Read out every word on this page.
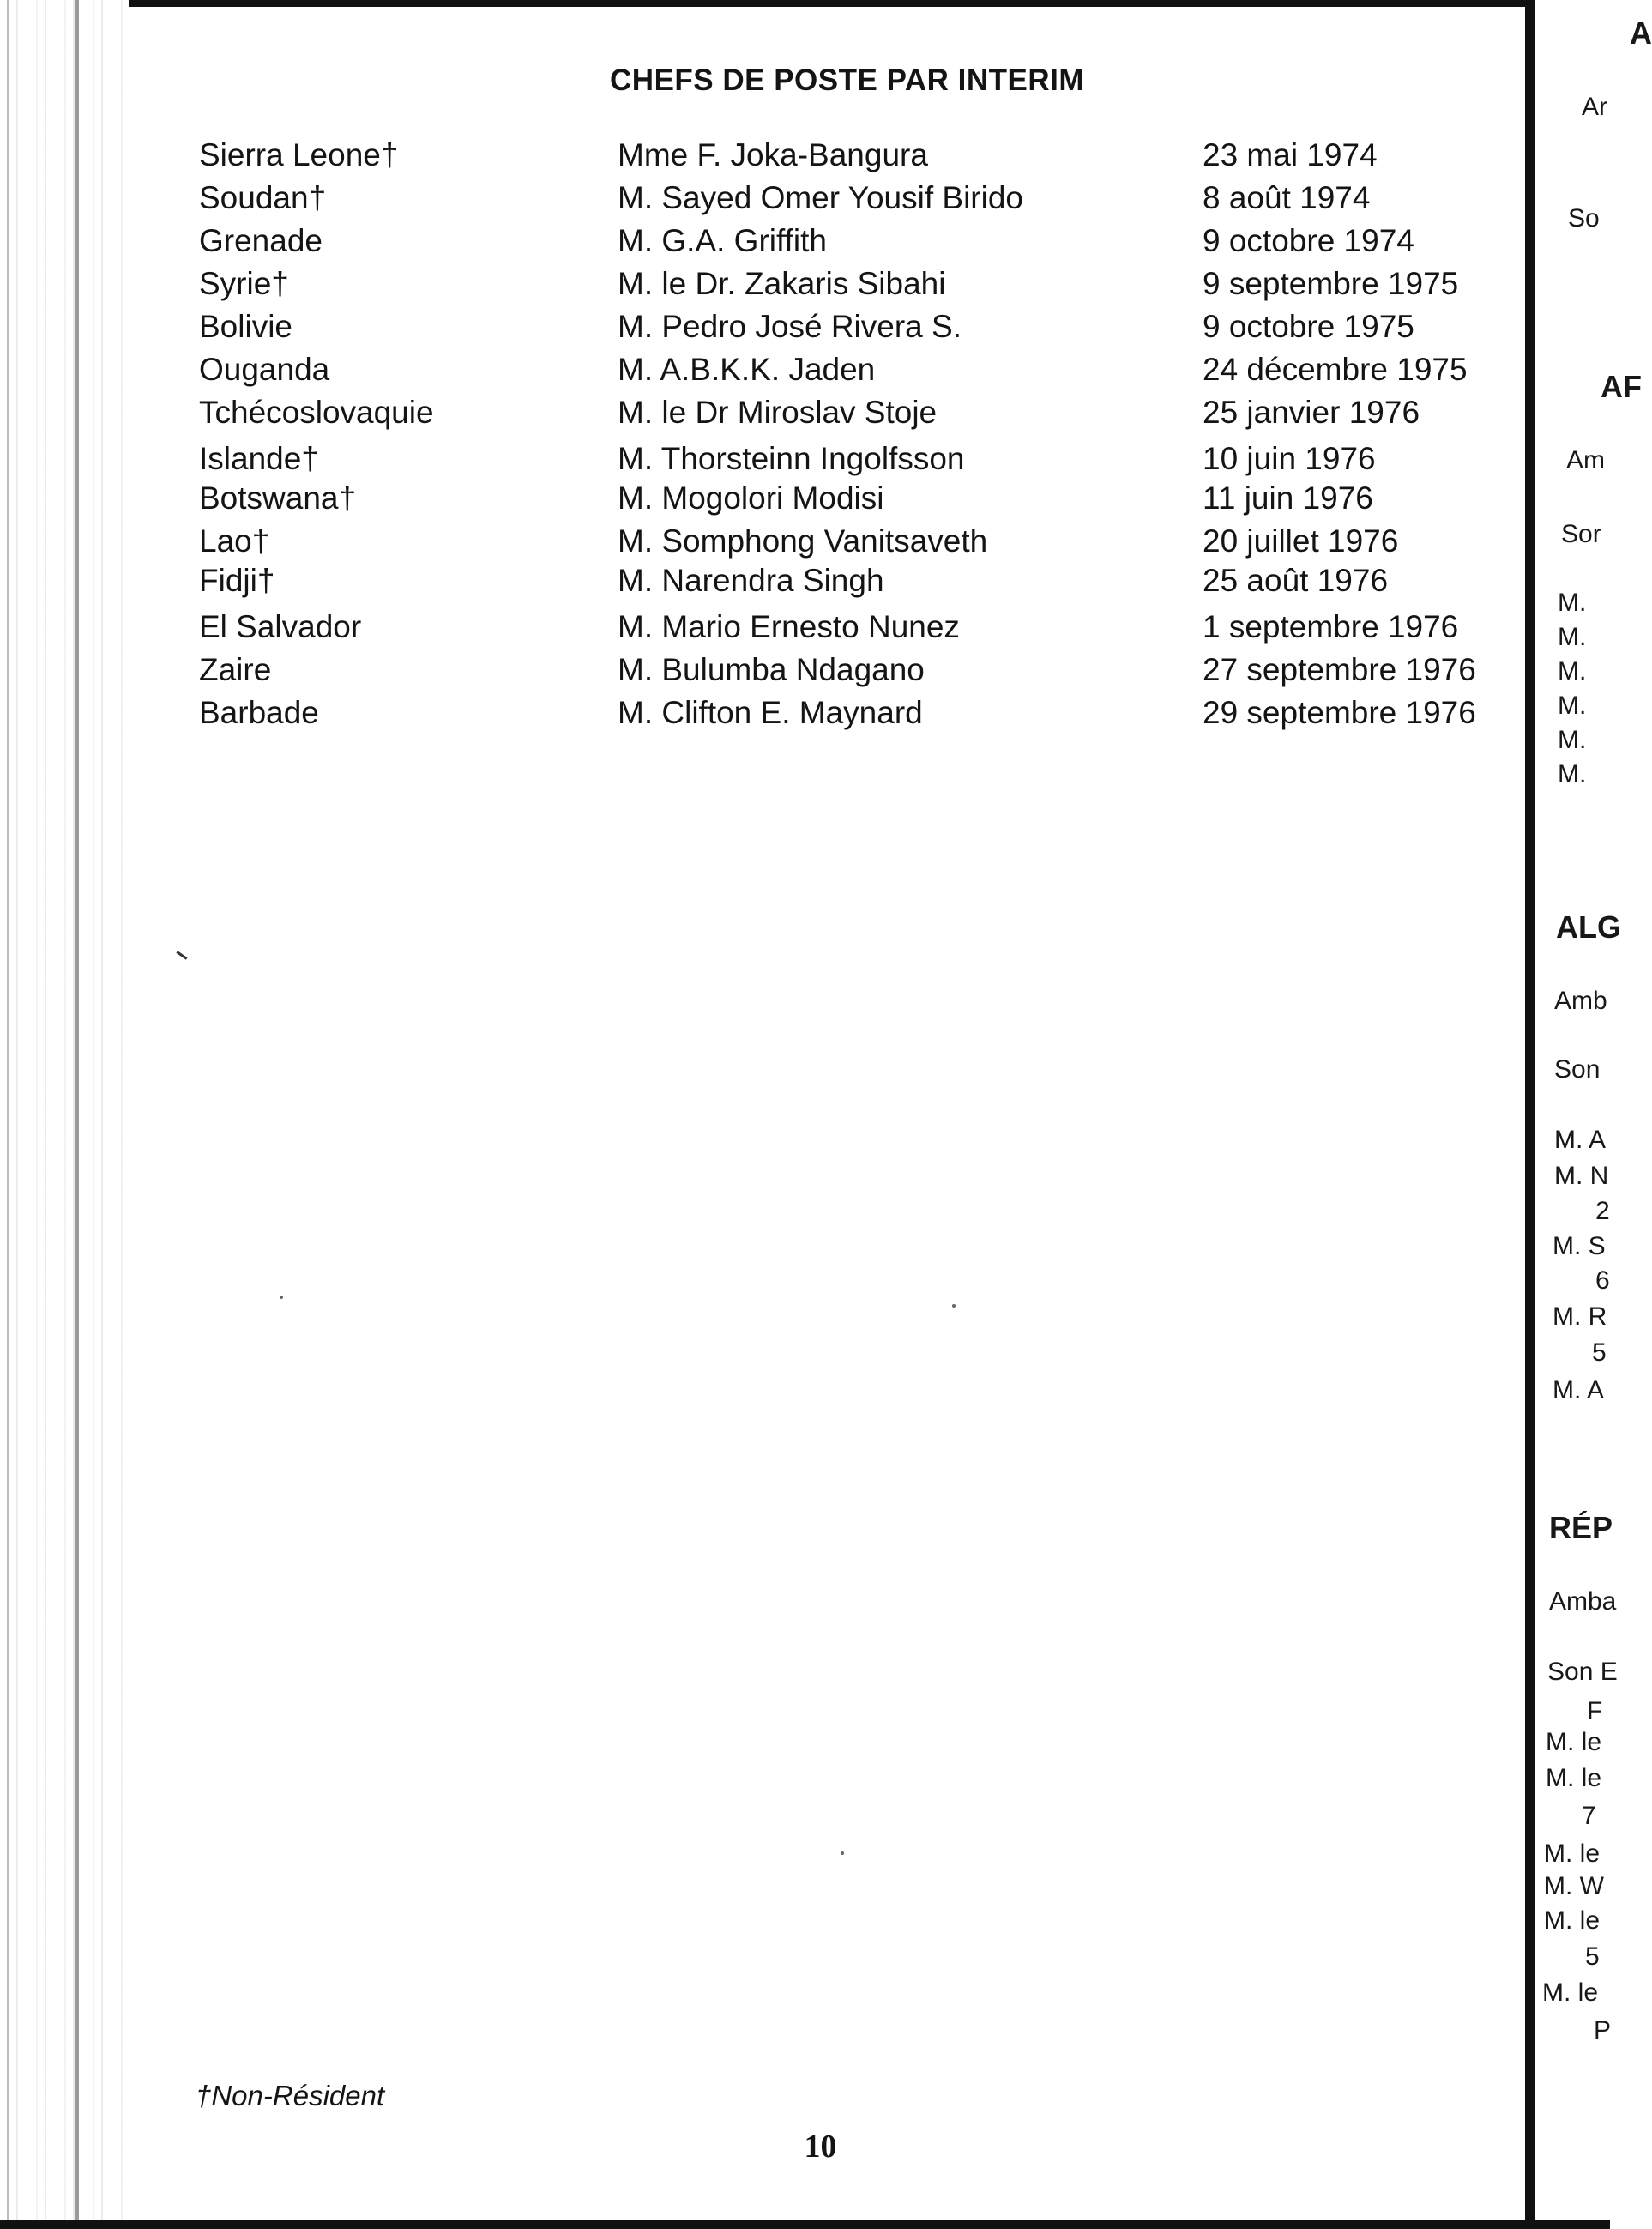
CHEFS DE POSTE PAR INTERIM
Sierra Leone†	Mme F. Joka-Bangura	23 mai 1974
Soudan†	M. Sayed Omer Yousif Birido	8 août 1974
Grenade	M. G.A. Griffith	9 octobre 1974
Syrie†	M. le Dr. Zakaris Sibahi	9 septembre 1975
Bolivie	M. Pedro José Rivera S.	9 octobre 1975
Ouganda	M. A.B.K.K. Jaden	24 décembre 1975
Tchécoslovaquie	M. le Dr Miroslav Stoje	25 janvier 1976
Islande†	M. Thorsteinn Ingolfsson	10 juin 1976
Botswana†	M. Mogolori Modisi	11 juin 1976
Lao†	M. Somphong Vanitsaveth	20 juillet 1976
Fidji†	M. Narendra Singh	25 août 1976
El Salvador	M. Mario Ernesto Nunez	1 septembre 1976
Zaire	M. Bulumba Ndagano	27 septembre 1976
Barbade	M. Clifton E. Maynard	29 septembre 1976
†Non-Résident
10
A
Ar
So
AF
Am
Sor
M.
M.
M.
M.
M.
M.
ALG
Amb
Son
M. A
M. N
2
M. S
6
M. R
5
M. A
RÉP
Amba
Son E
F
M. le
M. le
7
M. le
M. W
M. le
5
M. le
P
